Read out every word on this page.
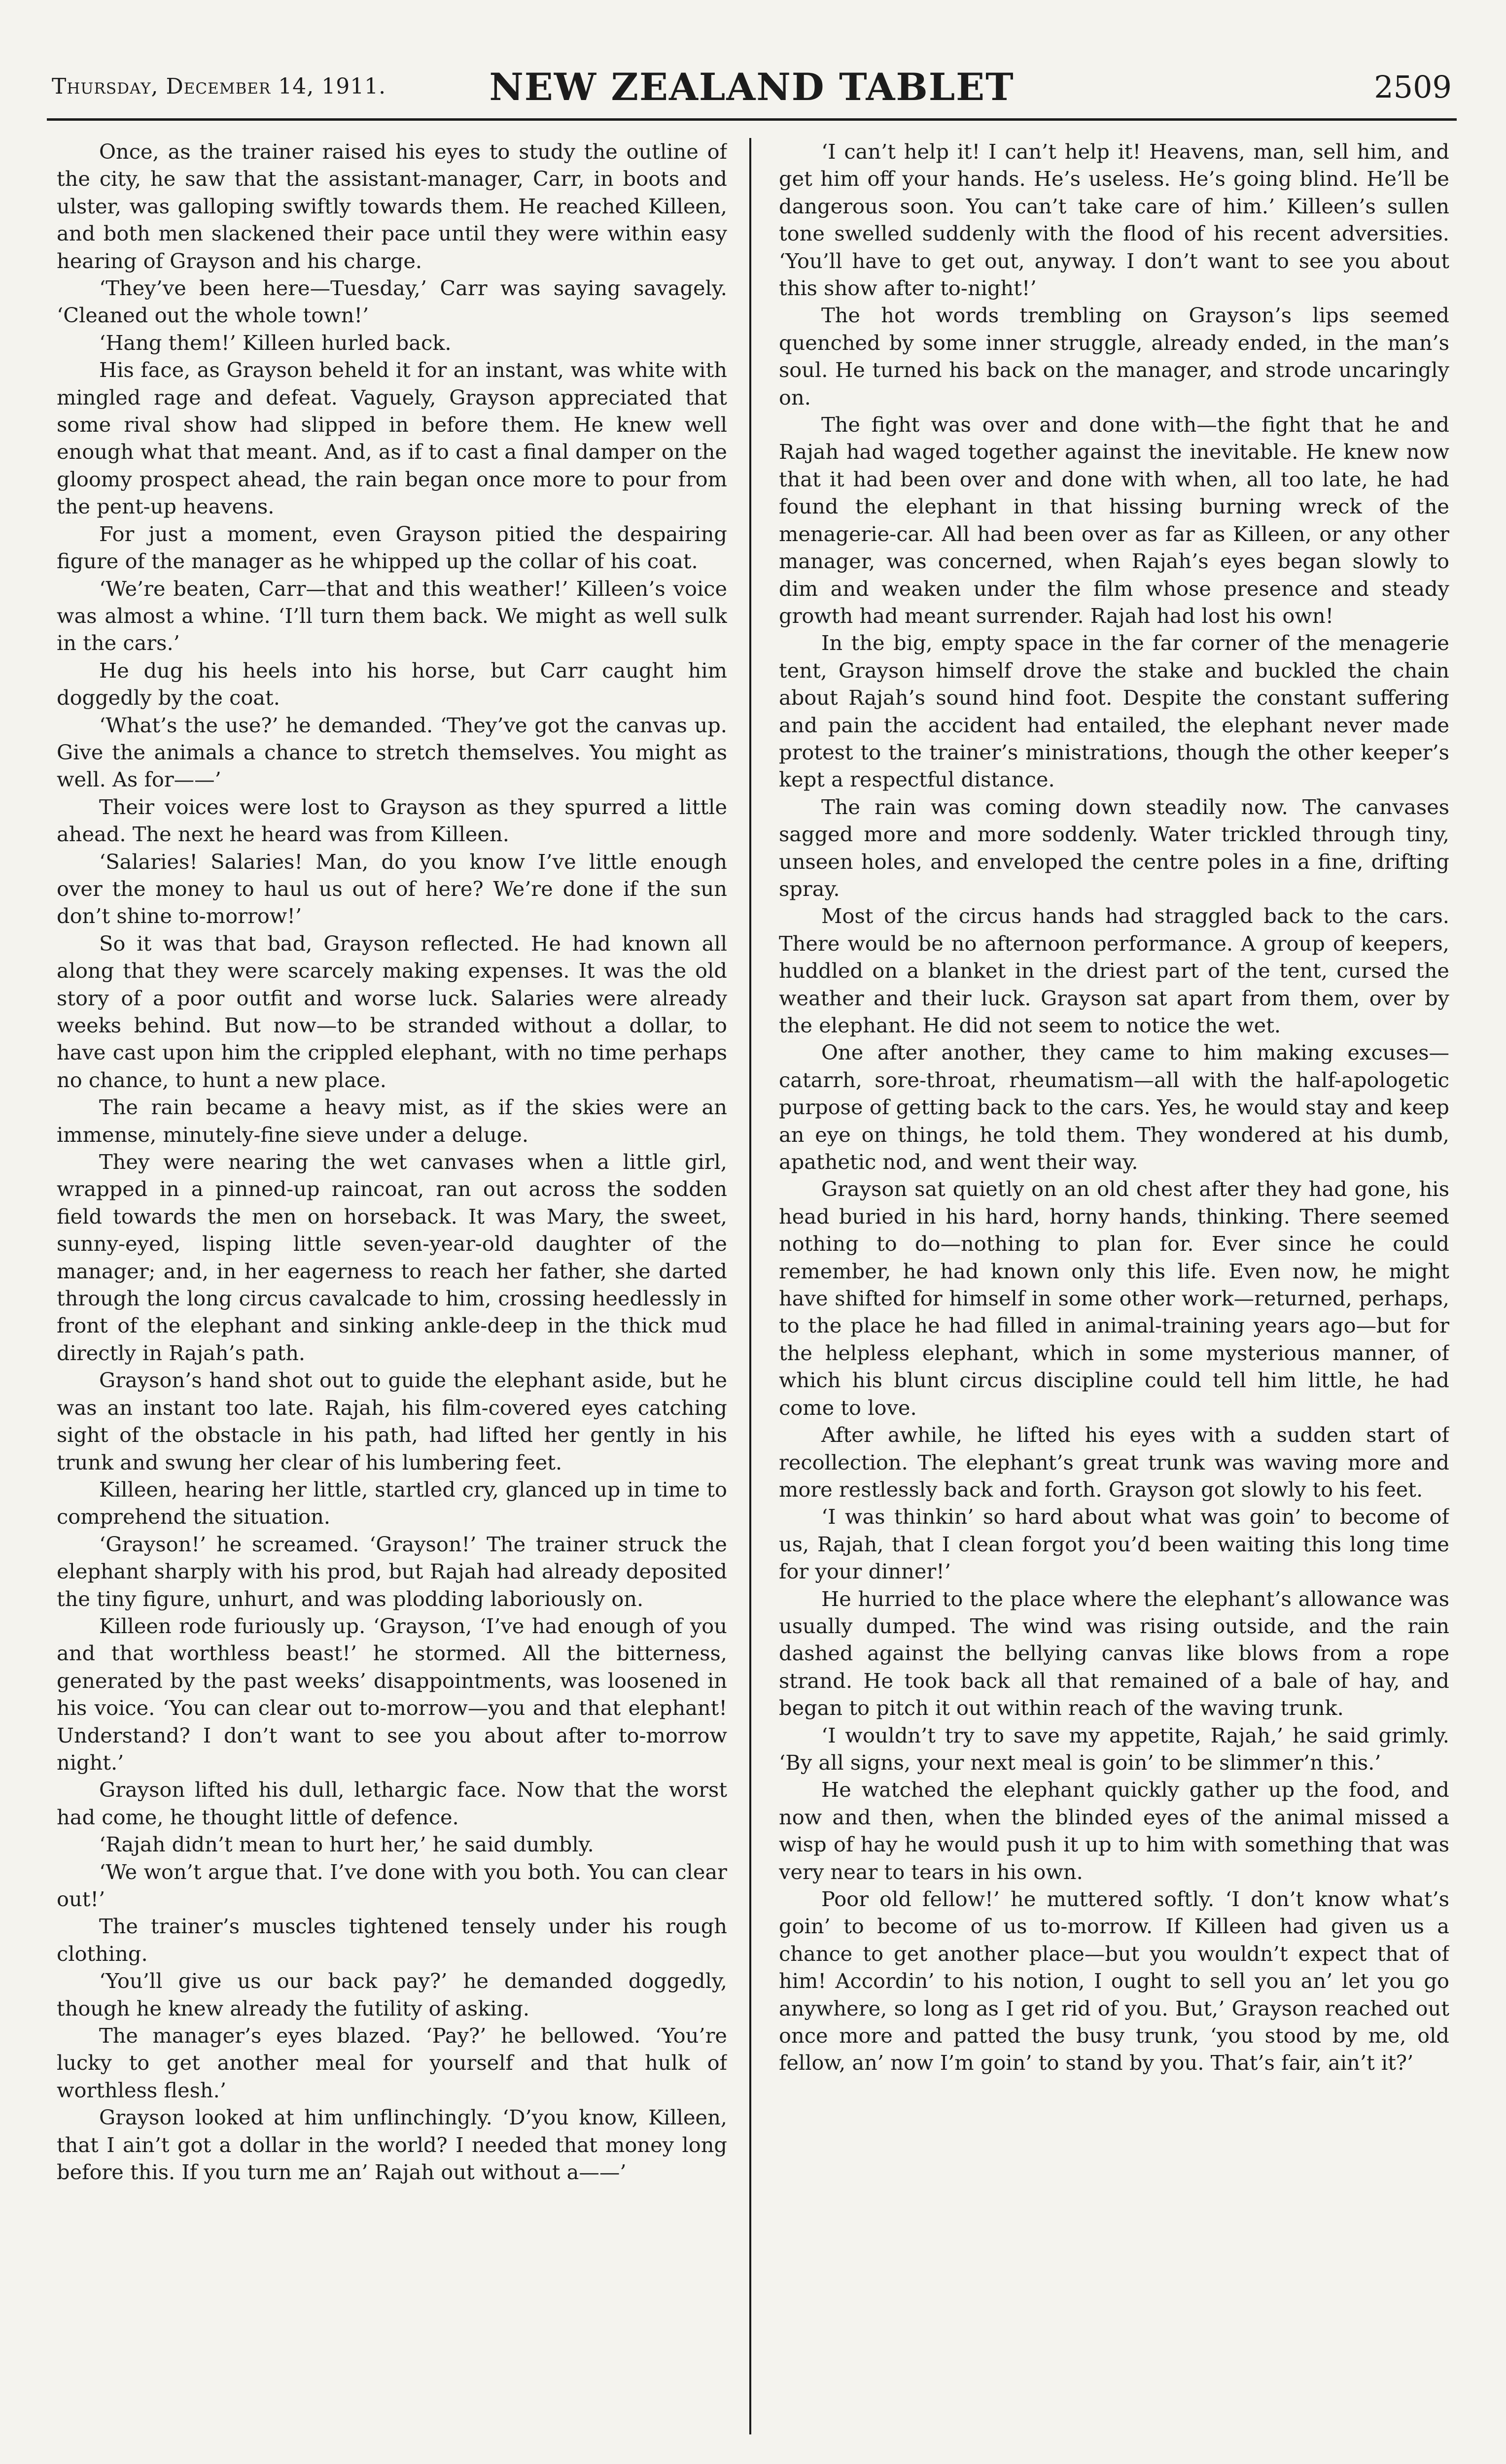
Thursday, December 14, 1911.	NEW ZEALAND TABLET	2509

Once, as the trainer raised his eyes to study the outline of the city, he saw that the assistant-manager, Carr, in boots and ulster, was galloping swiftly towards them. He reached Killeen, and both men slackened their pace until they were within easy hearing of Grayson and his charge.

‘They’ve been here—Tuesday,’ Carr was saying savagely. ‘Cleaned out the whole town!’

‘Hang them!’ Killeen hurled back.

His face, as Grayson beheld it for an instant, was white with mingled rage and defeat. Vaguely, Grayson appreciated that some rival show had slipped in before them. He knew well enough what that meant. And, as if to cast a final damper on the gloomy prospect ahead, the rain began once more to pour from the pent-up heavens.

For just a moment, even Grayson pitied the despairing figure of the manager as he whipped up the collar of his coat.

‘We’re beaten, Carr—that and this weather!’ Killeen’s voice was almost a whine. ‘I’ll turn them back. We might as well sulk in the cars.’

He dug his heels into his horse, but Carr caught him doggedly by the coat.

‘What’s the use?’ he demanded. ‘They’ve got the canvas up. Give the animals a chance to stretch themselves. You might as well. As for——’

Their voices were lost to Grayson as they spurred a little ahead. The next he heard was from Killeen.

‘Salaries! Salaries! Man, do you know I’ve little enough over the money to haul us out of here? We’re done if the sun don’t shine to-morrow!’

So it was that bad, Grayson reflected. He had known all along that they were scarcely making expenses. It was the old story of a poor outfit and worse luck. Salaries were already weeks behind. But now—to be stranded without a dollar, to have cast upon him the crippled elephant, with no time perhaps no chance, to hunt a new place.

The rain became a heavy mist, as if the skies were an immense, minutely-fine sieve under a deluge.

They were nearing the wet canvases when a little girl, wrapped in a pinned-up raincoat, ran out across the sodden field towards the men on horseback. It was Mary, the sweet, sunny-eyed, lisping little seven-year-old daughter of the manager; and, in her eagerness to reach her father, she darted through the long circus cavalcade to him, crossing heedlessly in front of the elephant and sinking ankle-deep in the thick mud directly in Rajah’s path.

Grayson’s hand shot out to guide the elephant aside, but he was an instant too late. Rajah, his film-covered eyes catching sight of the obstacle in his path, had lifted her gently in his trunk and swung her clear of his lumbering feet.

Killeen, hearing her little, startled cry, glanced up in time to comprehend the situation.

‘Grayson!’ he screamed. ‘Grayson!’ The trainer struck the elephant sharply with his prod, but Rajah had already deposited the tiny figure, unhurt, and was plodding laboriously on.

Killeen rode furiously up. ‘Grayson, ‘I’ve had enough of you and that worthless beast!’ he stormed. All the bitterness, generated by the past weeks’ disappointments, was loosened in his voice. ‘You can clear out to-morrow—you and that elephant! Understand? I don’t want to see you about after to-morrow night.’

Grayson lifted his dull, lethargic face. Now that the worst had come, he thought little of defence.

‘Rajah didn’t mean to hurt her,’ he said dumbly.

‘We won’t argue that. I’ve done with you both. You can clear out!’

The trainer’s muscles tightened tensely under his rough clothing.

‘You’ll give us our back pay?’ he demanded doggedly, though he knew already the futility of asking.

The manager’s eyes blazed. ‘Pay?’ he bellowed. ‘You’re lucky to get another meal for yourself and that hulk of worthless flesh.’

Grayson looked at him unflinchingly. ‘D’you know, Killeen, that I ain’t got a dollar in the world? I needed that money long before this. If you turn me an’ Rajah out without a——’

‘I can’t help it! I can’t help it! Heavens, man, sell him, and get him off your hands. He’s useless. He’s going blind. He’ll be dangerous soon. You can’t take care of him.’ Killeen’s sullen tone swelled suddenly with the flood of his recent adversities. ‘You’ll have to get out, anyway. I don’t want to see you about this show after to-night!’

The hot words trembling on Grayson’s lips seemed quenched by some inner struggle, already ended, in the man’s soul. He turned his back on the manager, and strode uncaringly on.

The fight was over and done with—the fight that he and Rajah had waged together against the inevitable. He knew now that it had been over and done with when, all too late, he had found the elephant in that hissing burning wreck of the menagerie-car. All had been over as far as Killeen, or any other manager, was concerned, when Rajah’s eyes began slowly to dim and weaken under the film whose presence and steady growth had meant surrender. Rajah had lost his own!

In the big, empty space in the far corner of the menagerie tent, Grayson himself drove the stake and buckled the chain about Rajah’s sound hind foot. Despite the constant suffering and pain the accident had entailed, the elephant never made protest to the trainer’s ministrations, though the other keeper’s kept a respectful distance.

The rain was coming down steadily now. The canvases sagged more and more soddenly. Water trickled through tiny, unseen holes, and enveloped the centre poles in a fine, drifting spray.

Most of the circus hands had straggled back to the cars. There would be no afternoon performance. A group of keepers, huddled on a blanket in the driest part of the tent, cursed the weather and their luck. Grayson sat apart from them, over by the elephant. He did not seem to notice the wet.

One after another, they came to him making excuses—catarrh, sore-throat, rheumatism—all with the half-apologetic purpose of getting back to the cars. Yes, he would stay and keep an eye on things, he told them. They wondered at his dumb, apathetic nod, and went their way.

Grayson sat quietly on an old chest after they had gone, his head buried in his hard, horny hands, thinking. There seemed nothing to do—nothing to plan for. Ever since he could remember, he had known only this life. Even now, he might have shifted for himself in some other work—returned, perhaps, to the place he had filled in animal-training years ago—but for the helpless elephant, which in some mysterious manner, of which his blunt circus discipline could tell him little, he had come to love.

After awhile, he lifted his eyes with a sudden start of recollection. The elephant’s great trunk was waving more and more restlessly back and forth. Grayson got slowly to his feet.

‘I was thinkin’ so hard about what was goin’ to become of us, Rajah, that I clean forgot you’d been waiting this long time for your dinner!’

He hurried to the place where the elephant’s allowance was usually dumped. The wind was rising outside, and the rain dashed against the bellying canvas like blows from a rope strand. He took back all that remained of a bale of hay, and began to pitch it out within reach of the waving trunk.

‘I wouldn’t try to save my appetite, Rajah,’ he said grimly. ‘By all signs, your next meal is goin’ to be slimmer’n this.’

He watched the elephant quickly gather up the food, and now and then, when the blinded eyes of the animal missed a wisp of hay he would push it up to him with something that was very near to tears in his own.

Poor old fellow!’ he muttered softly. ‘I don’t know what’s goin’ to become of us to-morrow. If Killeen had given us a chance to get another place—but you wouldn’t expect that of him! Accordin’ to his notion, I ought to sell you an’ let you go anywhere, so long as I get rid of you. But,’ Grayson reached out once more and patted the busy trunk, ‘you stood by me, old fellow, an’ now I’m goin’ to stand by you. That’s fair, ain’t it?’
